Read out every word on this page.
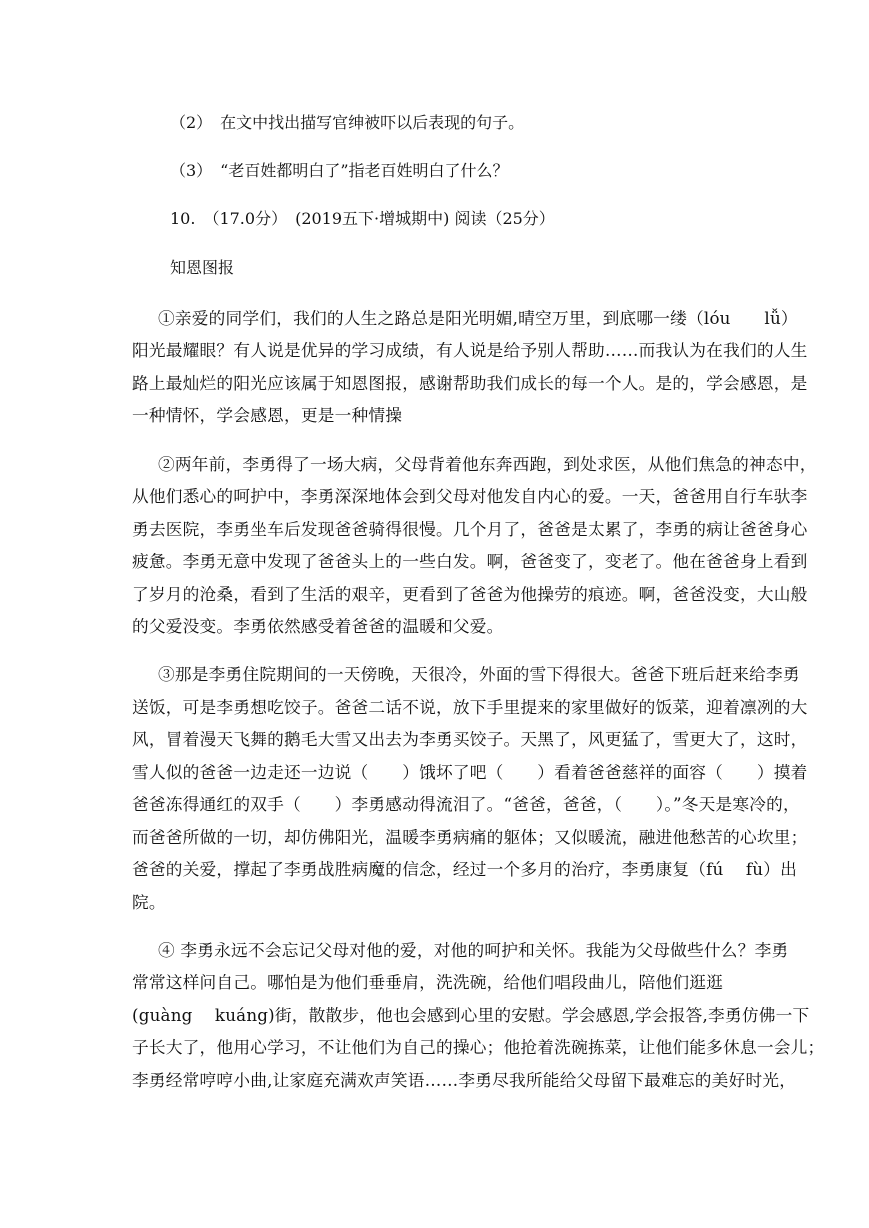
（2）　在文中找出描写官绅被吓以后表现的句子。
（3）　“老百姓都明白了”指老百姓明白了什么？
10.　（17.0分）　(2019五下·增城期中) 阅读（25分）
知恩图报
①亲爱的同学们，我们的人生之路总是阳光明媚,晴空万里，到底哪一缕（lóu　　lǚ）
阳光最耀眼？有人说是优异的学习成绩，有人说是给予别人帮助……而我认为在我们的人生
路上最灿烂的阳光应该属于知恩图报，感谢帮助我们成长的每一个人。是的，学会感恩，是
一种情怀，学会感恩，更是一种情操
②两年前，李勇得了一场大病，父母背着他东奔西跑，到处求医，从他们焦急的神态中，
从他们悉心的呵护中，李勇深深地体会到父母对他发自内心的爱。一天，爸爸用自行车驮李
勇去医院，李勇坐车后发现爸爸骑得很慢。几个月了，爸爸是太累了，李勇的病让爸爸身心
疲惫。李勇无意中发现了爸爸头上的一些白发。啊，爸爸变了，变老了。他在爸爸身上看到
了岁月的沧桑，看到了生活的艰辛，更看到了爸爸为他操劳的痕迹。啊，爸爸没变，大山般
的父爱没变。李勇依然感受着爸爸的温暖和父爱。
③那是李勇住院期间的一天傍晚，天很冷，外面的雪下得很大。爸爸下班后赶来给李勇
送饭，可是李勇想吃饺子。爸爸二话不说，放下手里提来的家里做好的饭菜，迎着凛冽的大
风，冒着漫天飞舞的鹅毛大雪又出去为李勇买饺子。天黑了，风更猛了，雪更大了，这时，
雪人似的爸爸一边走还一边说（　　）饿坏了吧（　　）看着爸爸慈祥的面容（　　）摸着
爸爸冻得通红的双手（　　）李勇感动得流泪了。“爸爸，爸爸，（　　）。”冬天是寒冷的，
而爸爸所做的一切，却仿佛阳光，温暖李勇病痛的躯体；又似暖流，融进他愁苦的心坎里；
爸爸的关爱，撑起了李勇战胜病魔的信念，经过一个多月的治疗，李勇康复（fú　 fù）出
院。
④ 李勇永远不会忘记父母对他的爱，对他的呵护和关怀。我能为父母做些什么？李勇
常常这样问自己。哪怕是为他们垂垂肩，洗洗碗，给他们唱段曲儿，陪他们逛逛
(guàng　 kuáng)街，散散步，他也会感到心里的安慰。学会感恩,学会报答,李勇仿佛一下
子长大了，他用心学习，不让他们为自己的操心；他抢着洗碗拣菜，让他们能多休息一会儿；
李勇经常哼哼小曲,让家庭充满欢声笑语……李勇尽我所能给父母留下最难忘的美好时光，
